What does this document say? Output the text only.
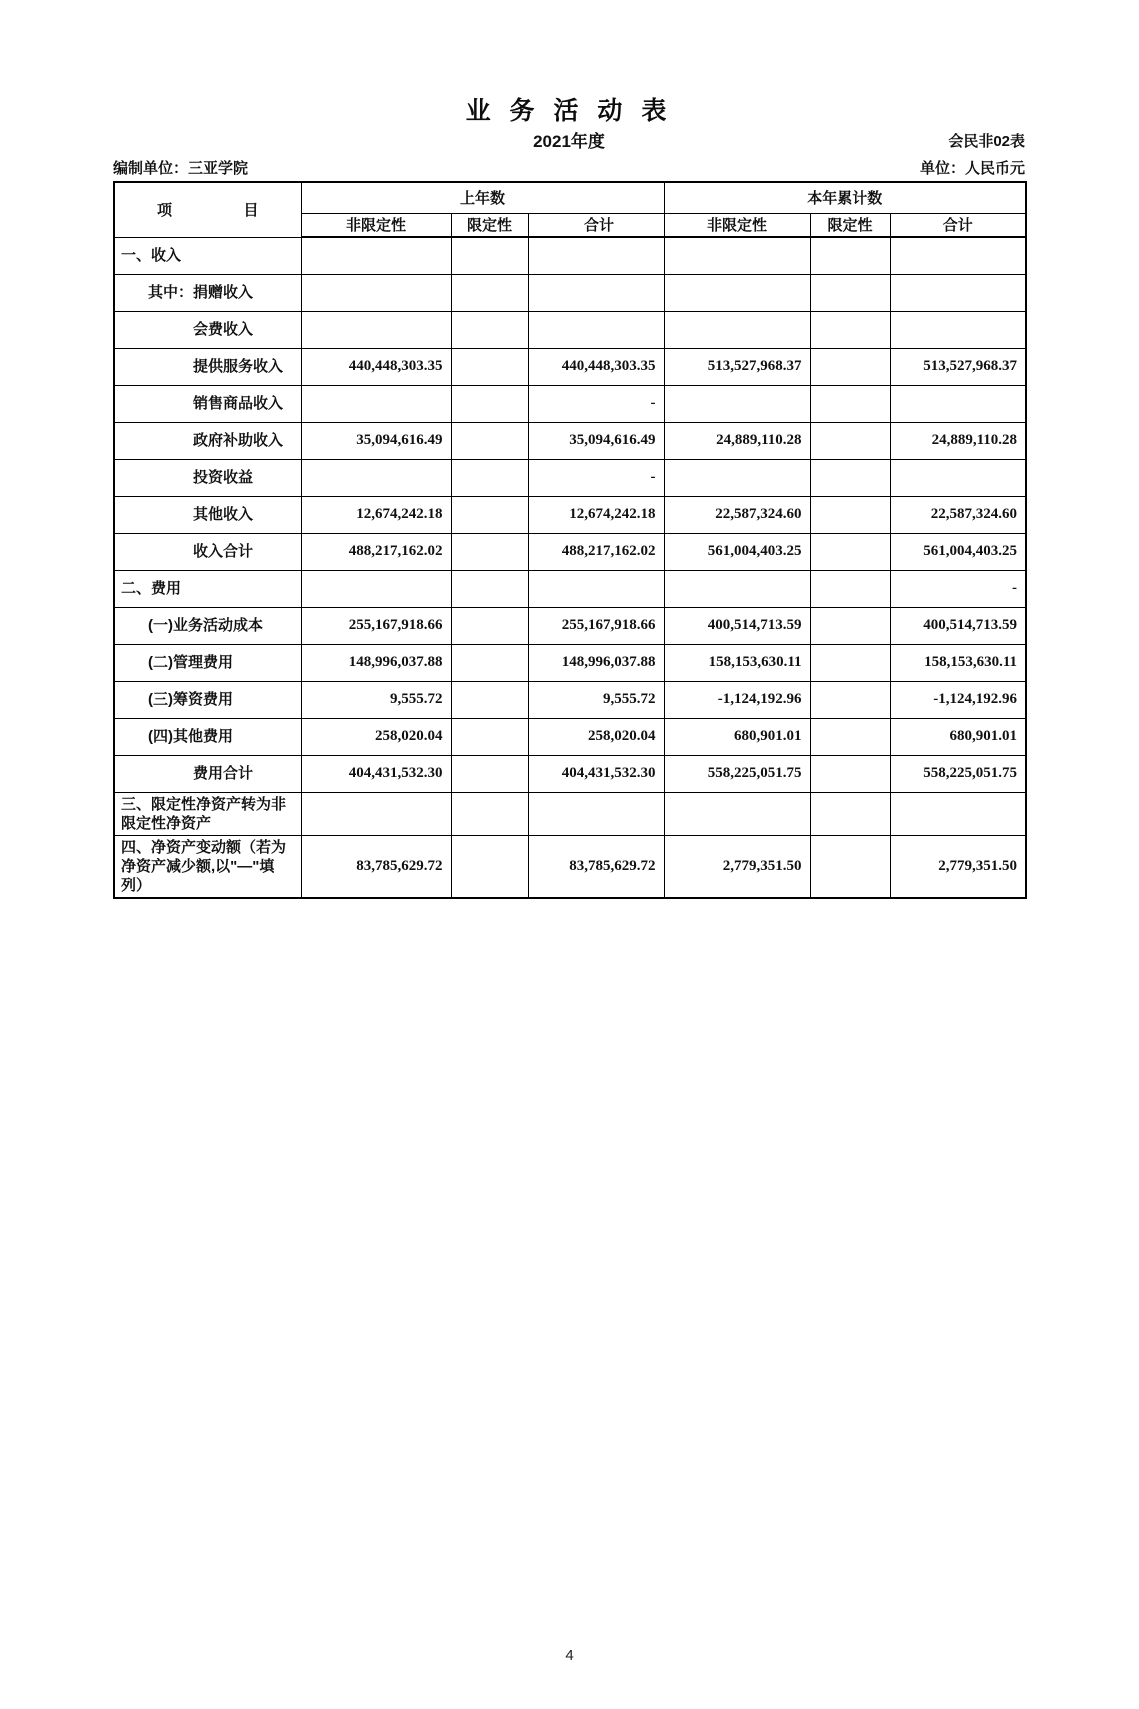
业 务 活 动 表
2021年度	会民非02表
编制单位：三亚学院	单位：人民币元
项 目	上年数			本年累计数		
	非限定性	限定性	合计	非限定性	限定性	合计
一、收入						
其中：捐赠收入						
会费收入						
提供服务收入	440,448,303.35		440,448,303.35	513,527,968.37		513,527,968.37
销售商品收入			-			
政府补助收入	35,094,616.49		35,094,616.49	24,889,110.28		24,889,110.28
投资收益			-			
其他收入	12,674,242.18		12,674,242.18	22,587,324.60		22,587,324.60
收入合计	488,217,162.02		488,217,162.02	561,004,403.25		561,004,403.25
二、费用						-
(一)业务活动成本	255,167,918.66		255,167,918.66	400,514,713.59		400,514,713.59
(二)管理费用	148,996,037.88		148,996,037.88	158,153,630.11		158,153,630.11
(三)筹资费用	9,555.72		9,555.72	-1,124,192.96		-1,124,192.96
(四)其他费用	258,020.04		258,020.04	680,901.01		680,901.01
费用合计	404,431,532.30		404,431,532.30	558,225,051.75		558,225,051.75
三、限定性净资产转为非限定性净资产						
四、净资产变动额（若为净资产减少额,以"—"填列）	83,785,629.72		83,785,629.72	2,779,351.50		2,779,351.50
4
